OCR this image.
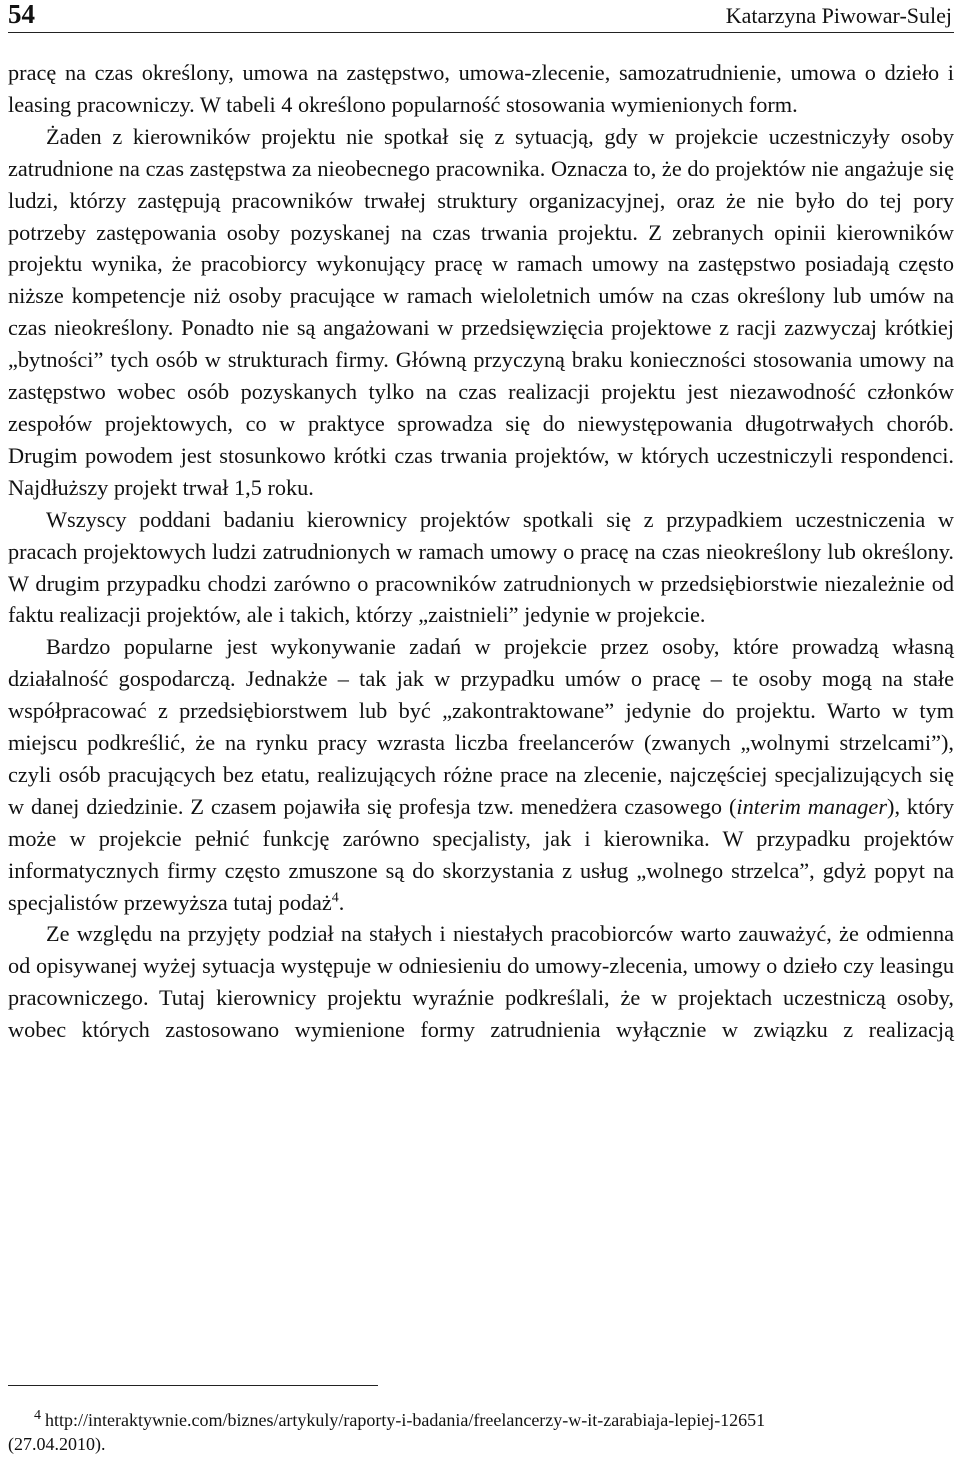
54	Katarzyna Piwowar-Sulej

pracę na czas określony, umowa na zastępstwo, umowa-zlecenie, samozatrudnienie, umowa o dzieło i leasing pracowniczy. W tabeli 4 określono popularność stosowania wymienionych form.

Żaden z kierowników projektu nie spotkał się z sytuacją, gdy w projekcie uczestniczyły osoby zatrudnione na czas zastępstwa za nieobecnego pracownika. Oznacza to, że do projektów nie angażuje się ludzi, którzy zastępują pracowników trwałej struktury organizacyjnej, oraz że nie było do tej pory potrzeby zastępowania osoby pozyskanej na czas trwania projektu. Z zebranych opinii kierowników projektu wynika, że pracobiorcy wykonujący pracę w ramach umowy na zastępstwo posiadają często niższe kompetencje niż osoby pracujące w ramach wieloletnich umów na czas określony lub umów na czas nieokreślony. Ponadto nie są angażowani w przedsięwzięcia projektowe z racji zazwyczaj krótkiej „bytności” tych osób w strukturach firmy. Główną przyczyną braku konieczności stosowania umowy na zastępstwo wobec osób pozyskanych tylko na czas realizacji projektu jest niezawodność członków zespołów projektowych, co w praktyce sprowadza się do niewystępowania długotrwałych chorób. Drugim powodem jest stosunkowo krótki czas trwania projektów, w których uczestniczyli respondenci. Najdłuższy projekt trwał 1,5 roku.

Wszyscy poddani badaniu kierownicy projektów spotkali się z przypadkiem uczestniczenia w pracach projektowych ludzi zatrudnionych w ramach umowy o pracę na czas nieokreślony lub określony. W drugim przypadku chodzi zarówno o pracowników zatrudnionych w przedsiębiorstwie niezależnie od faktu realizacji projektów, ale i takich, którzy „zaistnieli” jedynie w projekcie.

Bardzo popularne jest wykonywanie zadań w projekcie przez osoby, które prowadzą własną działalność gospodarczą. Jednakże – tak jak w przypadku umów o pracę – te osoby mogą na stałe współpracować z przedsiębiorstwem lub być „zakontraktowane” jedynie do projektu. Warto w tym miejscu podkreślić, że na rynku pracy wzrasta liczba freelancerów (zwanych „wolnymi strzelcami”), czyli osób pracujących bez etatu, realizujących różne prace na zlecenie, najczęściej specjalizujących się w danej dziedzinie. Z czasem pojawiła się profesja tzw. menedżera czasowego (interim manager), który może w projekcie pełnić funkcję zarówno specjalisty, jak i kierownika. W przypadku projektów informatycznych firmy często zmuszone są do skorzystania z usług „wolnego strzelca”, gdyż popyt na specjalistów przewyższa tutaj podaż$^4$.

Ze względu na przyjęty podział na stałych i niestałych pracobiorców warto zauważyć, że odmienna od opisywanej wyżej sytuacja występuje w odniesieniu do umowy-zlecenia, umowy o dzieło czy leasingu pracowniczego. Tutaj kierownicy projektu wyraźnie podkreślali, że w projektach uczestniczą osoby, wobec których zastosowano wymienione formy zatrudnienia wyłącznie w związku z realizacją

$^4$ http://interaktywnie.com/biznes/artykuly/raporty-i-badania/freelancerzy-w-it-zarabiaja-lepiej-12651
(27.04.2010).
